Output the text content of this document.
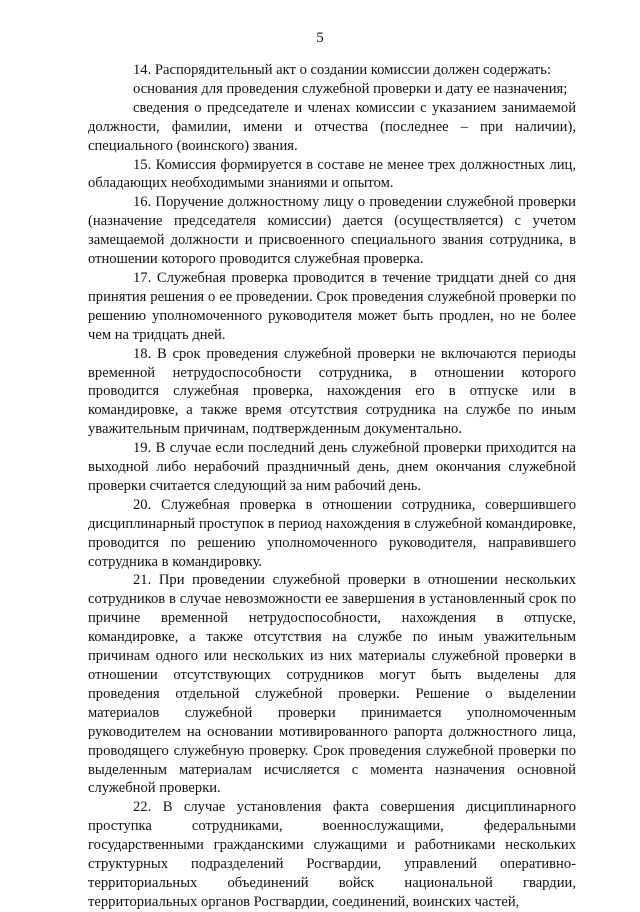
5

14. Распорядительный акт о создании комиссии должен содержать:

основания для проведения служебной проверки и дату ее назначения;

сведения о председателе и членах комиссии с указанием занимаемой должности, фамилии, имени и отчества (последнее – при наличии), специального (воинского) звания.

15. Комиссия формируется в составе не менее трех должностных лиц, обладающих необходимыми знаниями и опытом.

16. Поручение должностному лицу о проведении служебной проверки (назначение председателя комиссии) дается (осуществляется) с учетом замещаемой должности и присвоенного специального звания сотрудника, в отношении которого проводится служебная проверка.

17. Служебная проверка проводится в течение тридцати дней со дня принятия решения о ее проведении. Срок проведения служебной проверки по решению уполномоченного руководителя может быть продлен, но не более чем на тридцать дней.

18. В срок проведения служебной проверки не включаются периоды временной нетрудоспособности сотрудника, в отношении которого проводится служебная проверка, нахождения его в отпуске или в командировке, а также время отсутствия сотрудника на службе по иным уважительным причинам, подтвержденным документально.

19. В случае если последний день служебной проверки приходится на выходной либо нерабочий праздничный день, днем окончания служебной проверки считается следующий за ним рабочий день.

20. Служебная проверка в отношении сотрудника, совершившего дисциплинарный проступок в период нахождения в служебной командировке, проводится по решению уполномоченного руководителя, направившего сотрудника в командировку.

21. При проведении служебной проверки в отношении нескольких сотрудников в случае невозможности ее завершения в установленный срок по причине временной нетрудоспособности, нахождения в отпуске, командировке, а также отсутствия на службе по иным уважительным причинам одного или нескольких из них материалы служебной проверки в отношении отсутствующих сотрудников могут быть выделены для проведения отдельной служебной проверки. Решение о выделении материалов служебной проверки принимается уполномоченным руководителем на основании мотивированного рапорта должностного лица, проводящего служебную проверку. Срок проведения служебной проверки по выделенным материалам исчисляется с момента назначения основной служебной проверки.

22. В случае установления факта совершения дисциплинарного проступка сотрудниками, военнослужащими, федеральными государственными гражданскими служащими и работниками нескольких структурных подразделений Росгвардии, управлений оперативно-территориальных объединений войск национальной гвардии, территориальных органов Росгвардии, соединений, воинских частей,
